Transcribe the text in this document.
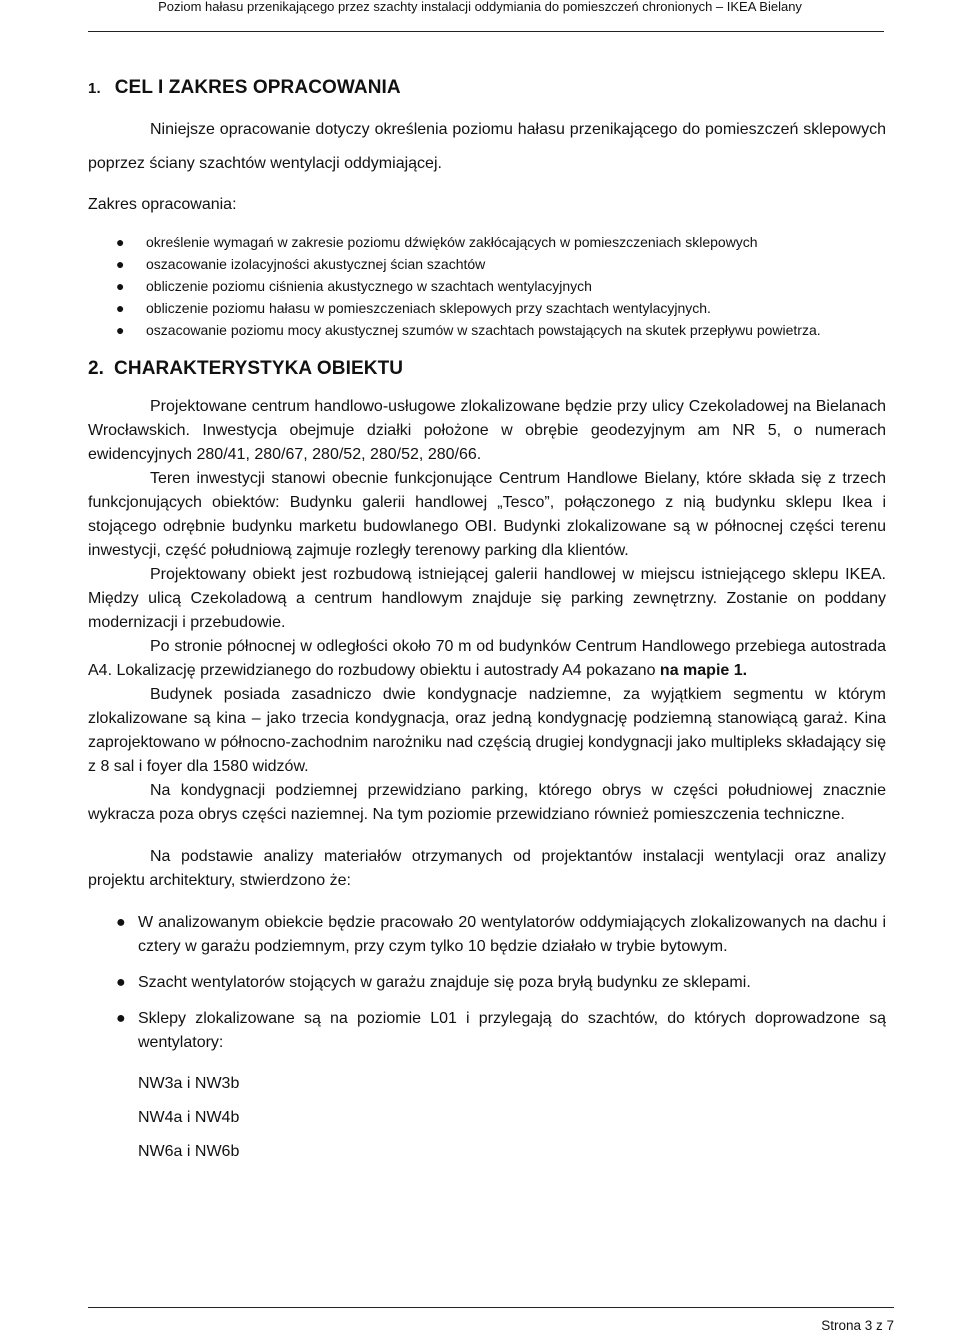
Poziom hałasu przenikającego przez szachty instalacji oddymiania do pomieszczeń chronionych – IKEA Bielany
1. CEL I ZAKRES OPRACOWANIA

Niniejsze opracowanie dotyczy określenia poziomu hałasu przenikającego do pomieszczeń sklepowych poprzez ściany szachtów wentylacji oddymiającej.

Zakres opracowania:

● określenie wymagań w zakresie poziomu dźwięków zakłócających w pomieszczeniach sklepowych
● oszacowanie izolacyjności akustycznej ścian szachtów
● obliczenie poziomu ciśnienia akustycznego w szachtach wentylacyjnych
● obliczenie poziomu hałasu w pomieszczeniach sklepowych przy szachtach wentylacyjnych.
● oszacowanie poziomu mocy akustycznej szumów w szachtach powstających na skutek przepływu powietrza.
2. CHARAKTERYSTYKA OBIEKTU

Projektowane centrum handlowo-usługowe zlokalizowane będzie przy ulicy Czekoladowej na Bielanach Wrocławskich. Inwestycja obejmuje działki położone w obrębie geodezyjnym am NR 5, o numerach ewidencyjnych 280/41, 280/67, 280/52, 280/52, 280/66.

Teren inwestycji stanowi obecnie funkcjonujące Centrum Handlowe Bielany, które składa się z trzech funkcjonujących obiektów: Budynku galerii handlowej „Tesco”, połączonego z nią budynku sklepu Ikea i stojącego odrębnie budynku marketu budowlanego OBI. Budynki zlokalizowane są w północnej części terenu inwestycji, część południową zajmuje rozległy terenowy parking dla klientów.

Projektowany obiekt jest rozbudową istniejącej galerii handlowej w miejscu istniejącego sklepu IKEA. Między ulicą Czekoladową a centrum handlowym znajduje się parking zewnętrzny. Zostanie on poddany modernizacji i przebudowie.

Po stronie północnej w odległości około 70 m od budynków Centrum Handlowego przebiega autostrada A4. Lokalizację przewidzianego do rozbudowy obiektu i autostrady A4 pokazano na mapie 1.

Budynek posiada zasadniczo dwie kondygnacje nadziemne, za wyjątkiem segmentu w którym zlokalizowane są kina – jako trzecia kondygnacja, oraz jedną kondygnację podziemną stanowiącą garaż. Kina zaprojektowano w północno-zachodnim narożniku nad częścią drugiej kondygnacji jako multipleks składający się z 8 sal i foyer dla 1580 widzów.

Na kondygnacji podziemnej przewidziano parking, którego obrys w części południowej znacznie wykracza poza obrys części naziemnej. Na tym poziomie przewidziano również pomieszczenia techniczne.

Na podstawie analizy materiałów otrzymanych od projektantów instalacji wentylacji oraz analizy projektu architektury, stwierdzono że:

● W analizowanym obiekcie będzie pracowało 20 wentylatorów oddymiających zlokalizowanych na dachu i cztery w garażu podziemnym, przy czym tylko 10 będzie działało w trybie bytowym.
● Szacht wentylatorów stojących w garażu znajduje się poza bryłą budynku ze sklepami.
● Sklepy zlokalizowane są na poziomie L01 i przylegają do szachtów, do których doprowadzone są wentylatory:
NW3a i NW3b
NW4a i NW4b
NW6a i NW6b
Strona 3 z 7
